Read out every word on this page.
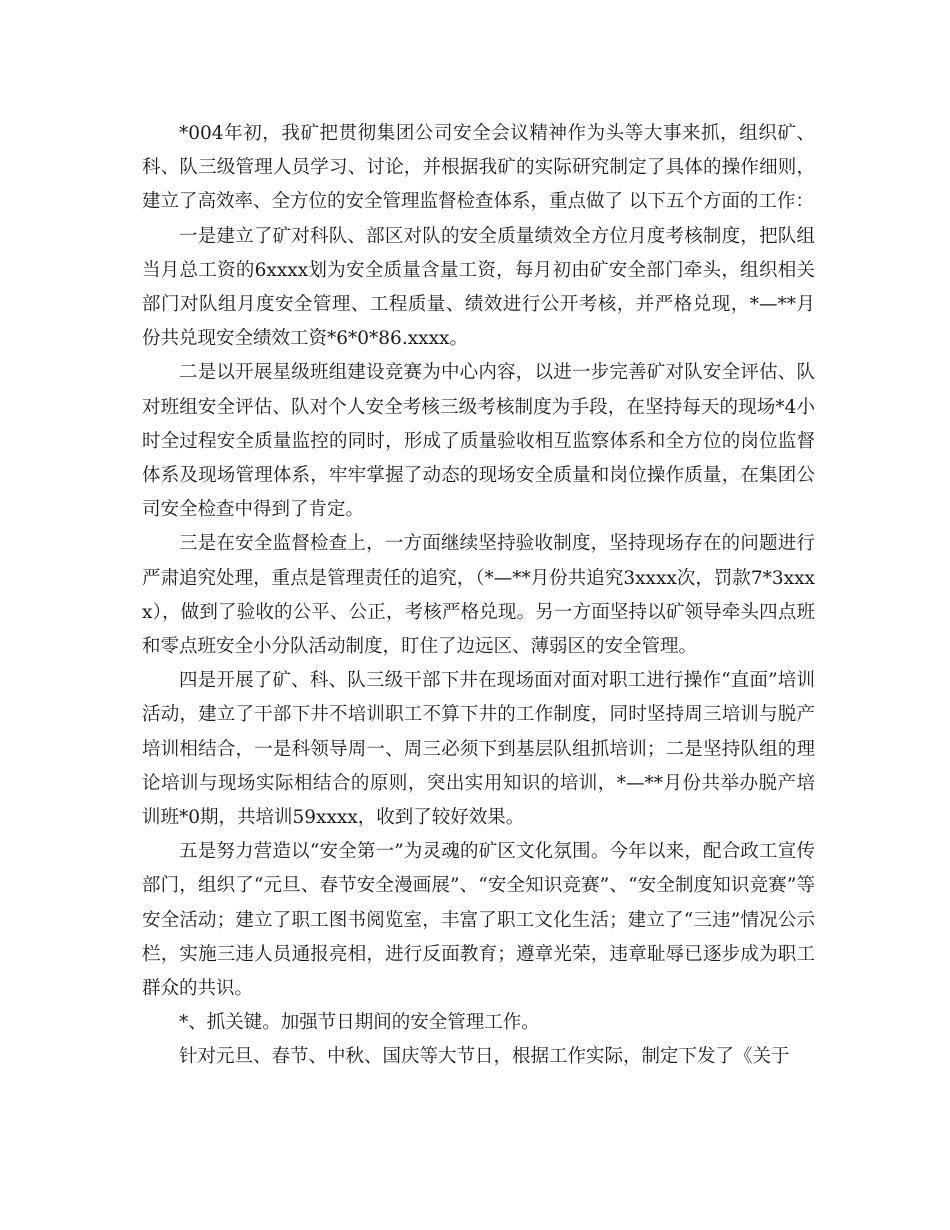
*004年初，我矿把贯彻集团公司安全会议精神作为头等大事来抓，组织矿、科、队三级管理人员学习、讨论，并根据我矿的实际研究制定了具体的操作细则，建立了高效率、全方位的安全管理监督检查体系，重点做了 以下五个方面的工作：

一是建立了矿对科队、部区对队的安全质量绩效全方位月度考核制度，把队组当月总工资的6xxxx划为安全质量含量工资，每月初由矿安全部门牵头，组织相关部门对队组月度安全管理、工程质量、绩效进行公开考核，并严格兑现，*—**月份共兑现安全绩效工资*6*0*86.xxxx。

二是以开展星级班组建设竞赛为中心内容，以进一步完善矿对队安全评估、队对班组安全评估、队对个人安全考核三级考核制度为手段，在坚持每天的现场*4小时全过程安全质量监控的同时，形成了质量验收相互监察体系和全方位的岗位监督体系及现场管理体系，牢牢掌握了动态的现场安全质量和岗位操作质量，在集团公司安全检查中得到了肯定。

三是在安全监督检查上，一方面继续坚持验收制度，坚持现场存在的问题进行严肃追究处理，重点是管理责任的追究，（*—**月份共追究3xxxx次，罚款7*3xxxx），做到了验收的公平、公正，考核严格兑现。另一方面坚持以矿领导牵头四点班和零点班安全小分队活动制度，盯住了边远区、薄弱区的安全管理。

四是开展了矿、科、队三级干部下井在现场面对面对职工进行操作“直面”培训活动，建立了干部下井不培训职工不算下井的工作制度，同时坚持周三培训与脱产培训相结合，一是科领导周一、周三必须下到基层队组抓培训；二是坚持队组的理论培训与现场实际相结合的原则，突出实用知识的培训，*—**月份共举办脱产培训班*0期，共培训59xxxx，收到了较好效果。

五是努力营造以“安全第一”为灵魂的矿区文化氛围。今年以来，配合政工宣传部门，组织了“元旦、春节安全漫画展”、“安全知识竞赛”、“安全制度知识竞赛”等安全活动；建立了职工图书阅览室，丰富了职工文化生活；建立了“三违”情况公示栏，实施三违人员通报亮相，进行反面教育；遵章光荣，违章耻辱已逐步成为职工群众的共识。

*、抓关键。加强节日期间的安全管理工作。

针对元旦、春节、中秋、国庆等大节日，根据工作实际，制定下发了《关于
